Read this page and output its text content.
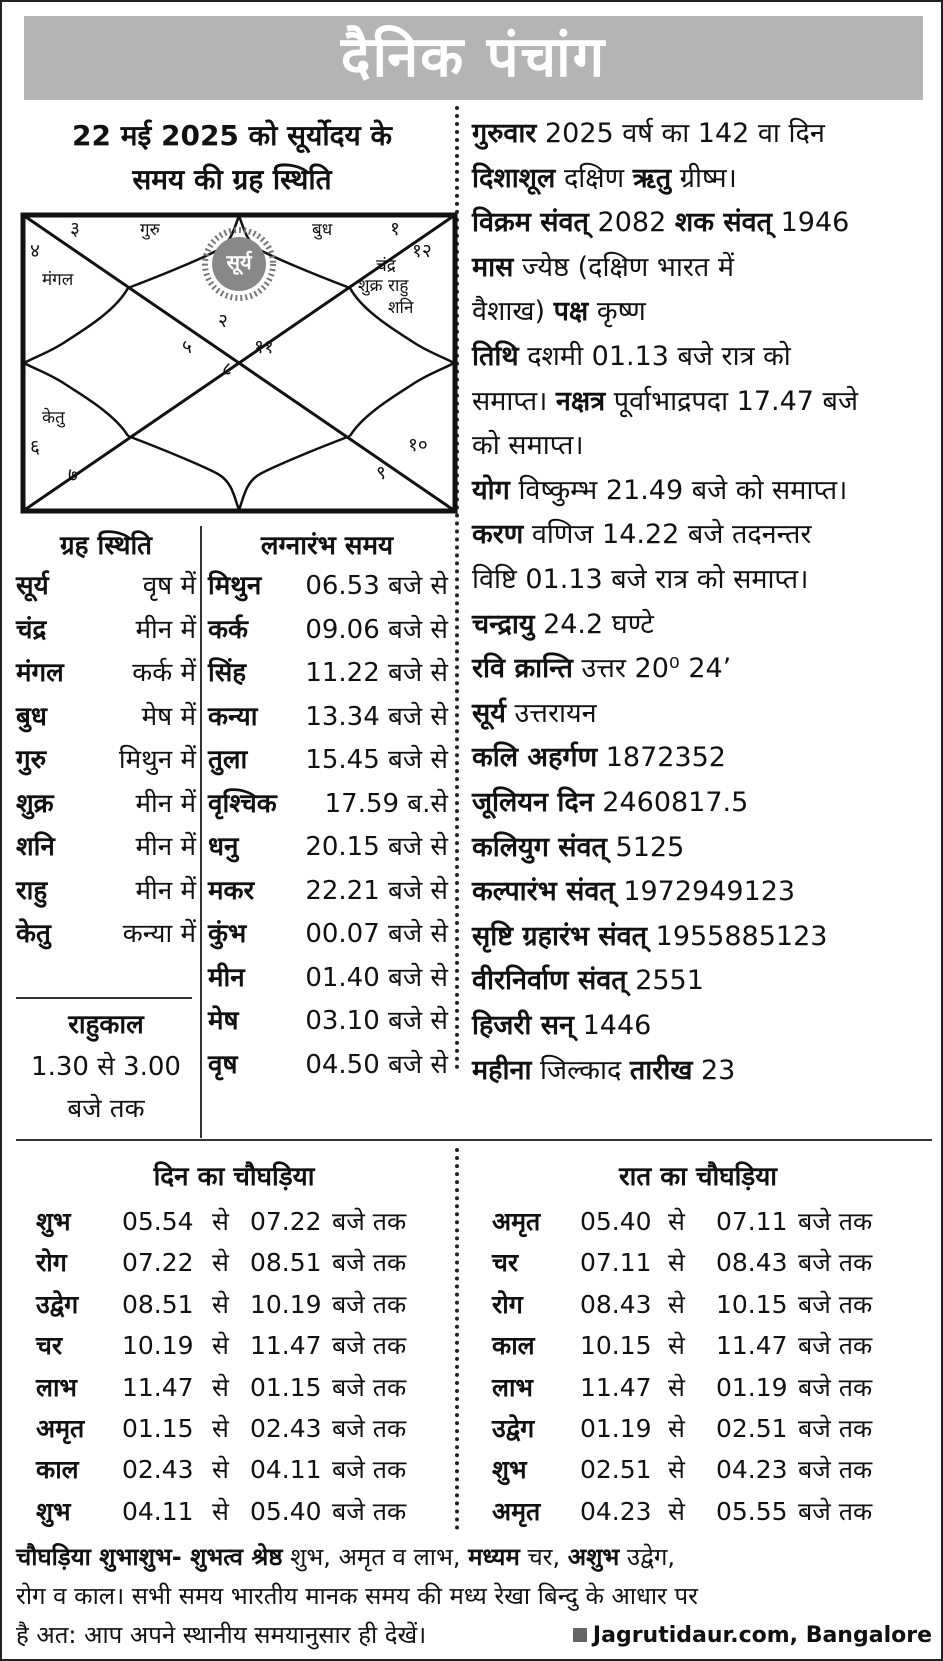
दैनिक पंचांग
22 मई 2025 को सूर्योदय के
समय की ग्रह स्थिति
३
२
१
१२
११
१०
९
८
७
६
५
४
गुरु	बुध
सूर्य
मंगल
चंद्र
शुक्र राहु
शनि
केतु
ग्रह स्थिति
सूर्य	वृष में
चंद्र	मीन में
मंगल	कर्क में
बुध	मेष में
गुरु	मिथुन में
शुक्र	मीन में
शनि	मीन में
राहु	मीन में
केतु	कन्या में
राहुकाल
1.30 से 3.00
बजे तक
लग्नारंभ समय
मिथुन 06.53 बजे से
कर्क 09.06 बजे से
सिंह 11.22 बजे से
कन्या 13.34 बजे से
तुला 15.45 बजे से
वृश्चिक 17.59 ब.से
धनु	20.15 बजे से
मकर 22.21 बजे से
कुंभ 00.07 बजे से
मीन 01.40 बजे से
मेष	03.10 बजे से
वृष	04.50 बजे से
गुरुवार 2025 वर्ष का 142 वा दिन
दिशाशूल दक्षिण ऋतु ग्रीष्म।
विक्रम संवत् 2082 शक संवत् 1946
मास ज्येष्ठ (दक्षिण भारत में
वैशाख) पक्ष कृष्ण
तिथि दशमी 01.13 बजे रात्र को
समाप्त। नक्षत्र पूर्वाभाद्रपदा 17.47 बजे
को समाप्त।
योग विष्कुम्भ 21.49 बजे को समाप्त।
करण वणिज 14.22 बजे तदनन्तर
विष्टि 01.13 बजे रात्र को समाप्त।
चन्द्रायु 24.2 घण्टे
रवि क्रान्ति उत्तर 20⁰ 24’
सूर्य उत्तरायन
कलि अहर्गण 1872352
जूलियन दिन 2460817.5
कलियुग संवत् 5125
कल्पारंभ संवत् 1972949123
सृष्टि ग्रहारंभ संवत् 1955885123
वीरनिर्वाण संवत् 2551
हिजरी सन् 1446
महीना जिल्काद तारीख 23
दिन का चौघड़िया	रात का चौघड़िया
शुभ 05.54 से 07.22 बजे तक
रोग 07.22 से 08.51 बजे तक
उद्वेग 08.51 से 10.19 बजे तक
चर 10.19 से 11.47 बजे तक
लाभ 11.47 से 01.15 बजे तक
अमृत 01.15 से 02.43 बजे तक
काल 02.43 से 04.11 बजे तक
शुभ 04.11 से 05.40 बजे तक
अमृत 05.40 से 07.11 बजे तक
चर 07.11 से 08.43 बजे तक
रोग 08.43 से 10.15 बजे तक
काल 10.15 से 11.47 बजे तक
लाभ 11.47 से 01.19 बजे तक
उद्वेग 01.19 से 02.51 बजे तक
शुभ 02.51 से 04.23 बजे तक
अमृत 04.23 से 05.55 बजे तक
चौघड़िया शुभाशुभ- शुभत्व श्रेष्ठ शुभ, अमृत व लाभ, मध्यम चर, अशुभ उद्वेग,
रोग व काल। सभी समय भारतीय मानक समय की मध्य रेखा बिन्दु के आधार पर
है अत: आप अपने स्थानीय समयानुसार ही देखें।	Jagrutidaur.com, Bangalore
